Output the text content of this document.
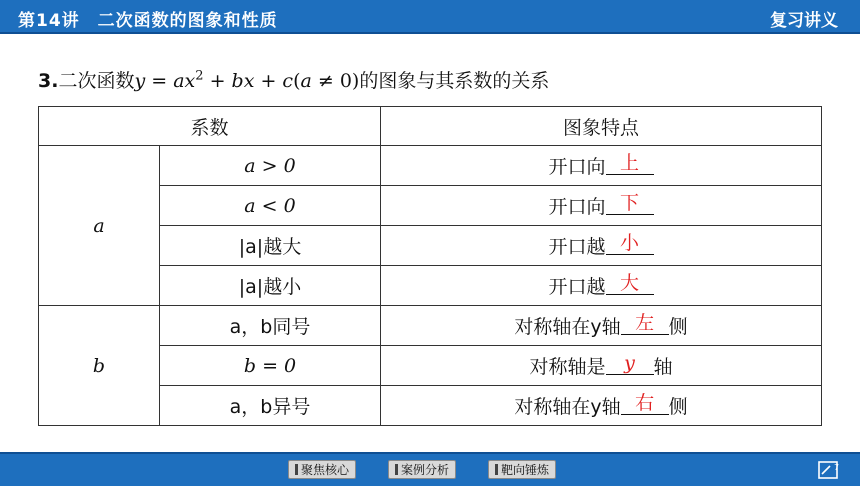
第14讲　二次函数的图象和性质	复习讲义
3.二次函数$y = ax^2$ + bx + c(a ≠ 0)的图象与其系数的关系
系数		图象特点
a	a > 0	开口向 上
	a < 0	开口向 下
	|a|越大	开口越 小
	|a|越小	开口越 大
b	a，b同号	对称轴在y轴 左 侧
	b = 0	对称轴是 y 轴
	a，b异号	对称轴在y轴 右 侧
聚焦核心	案例分析	靶向锤炼	7
